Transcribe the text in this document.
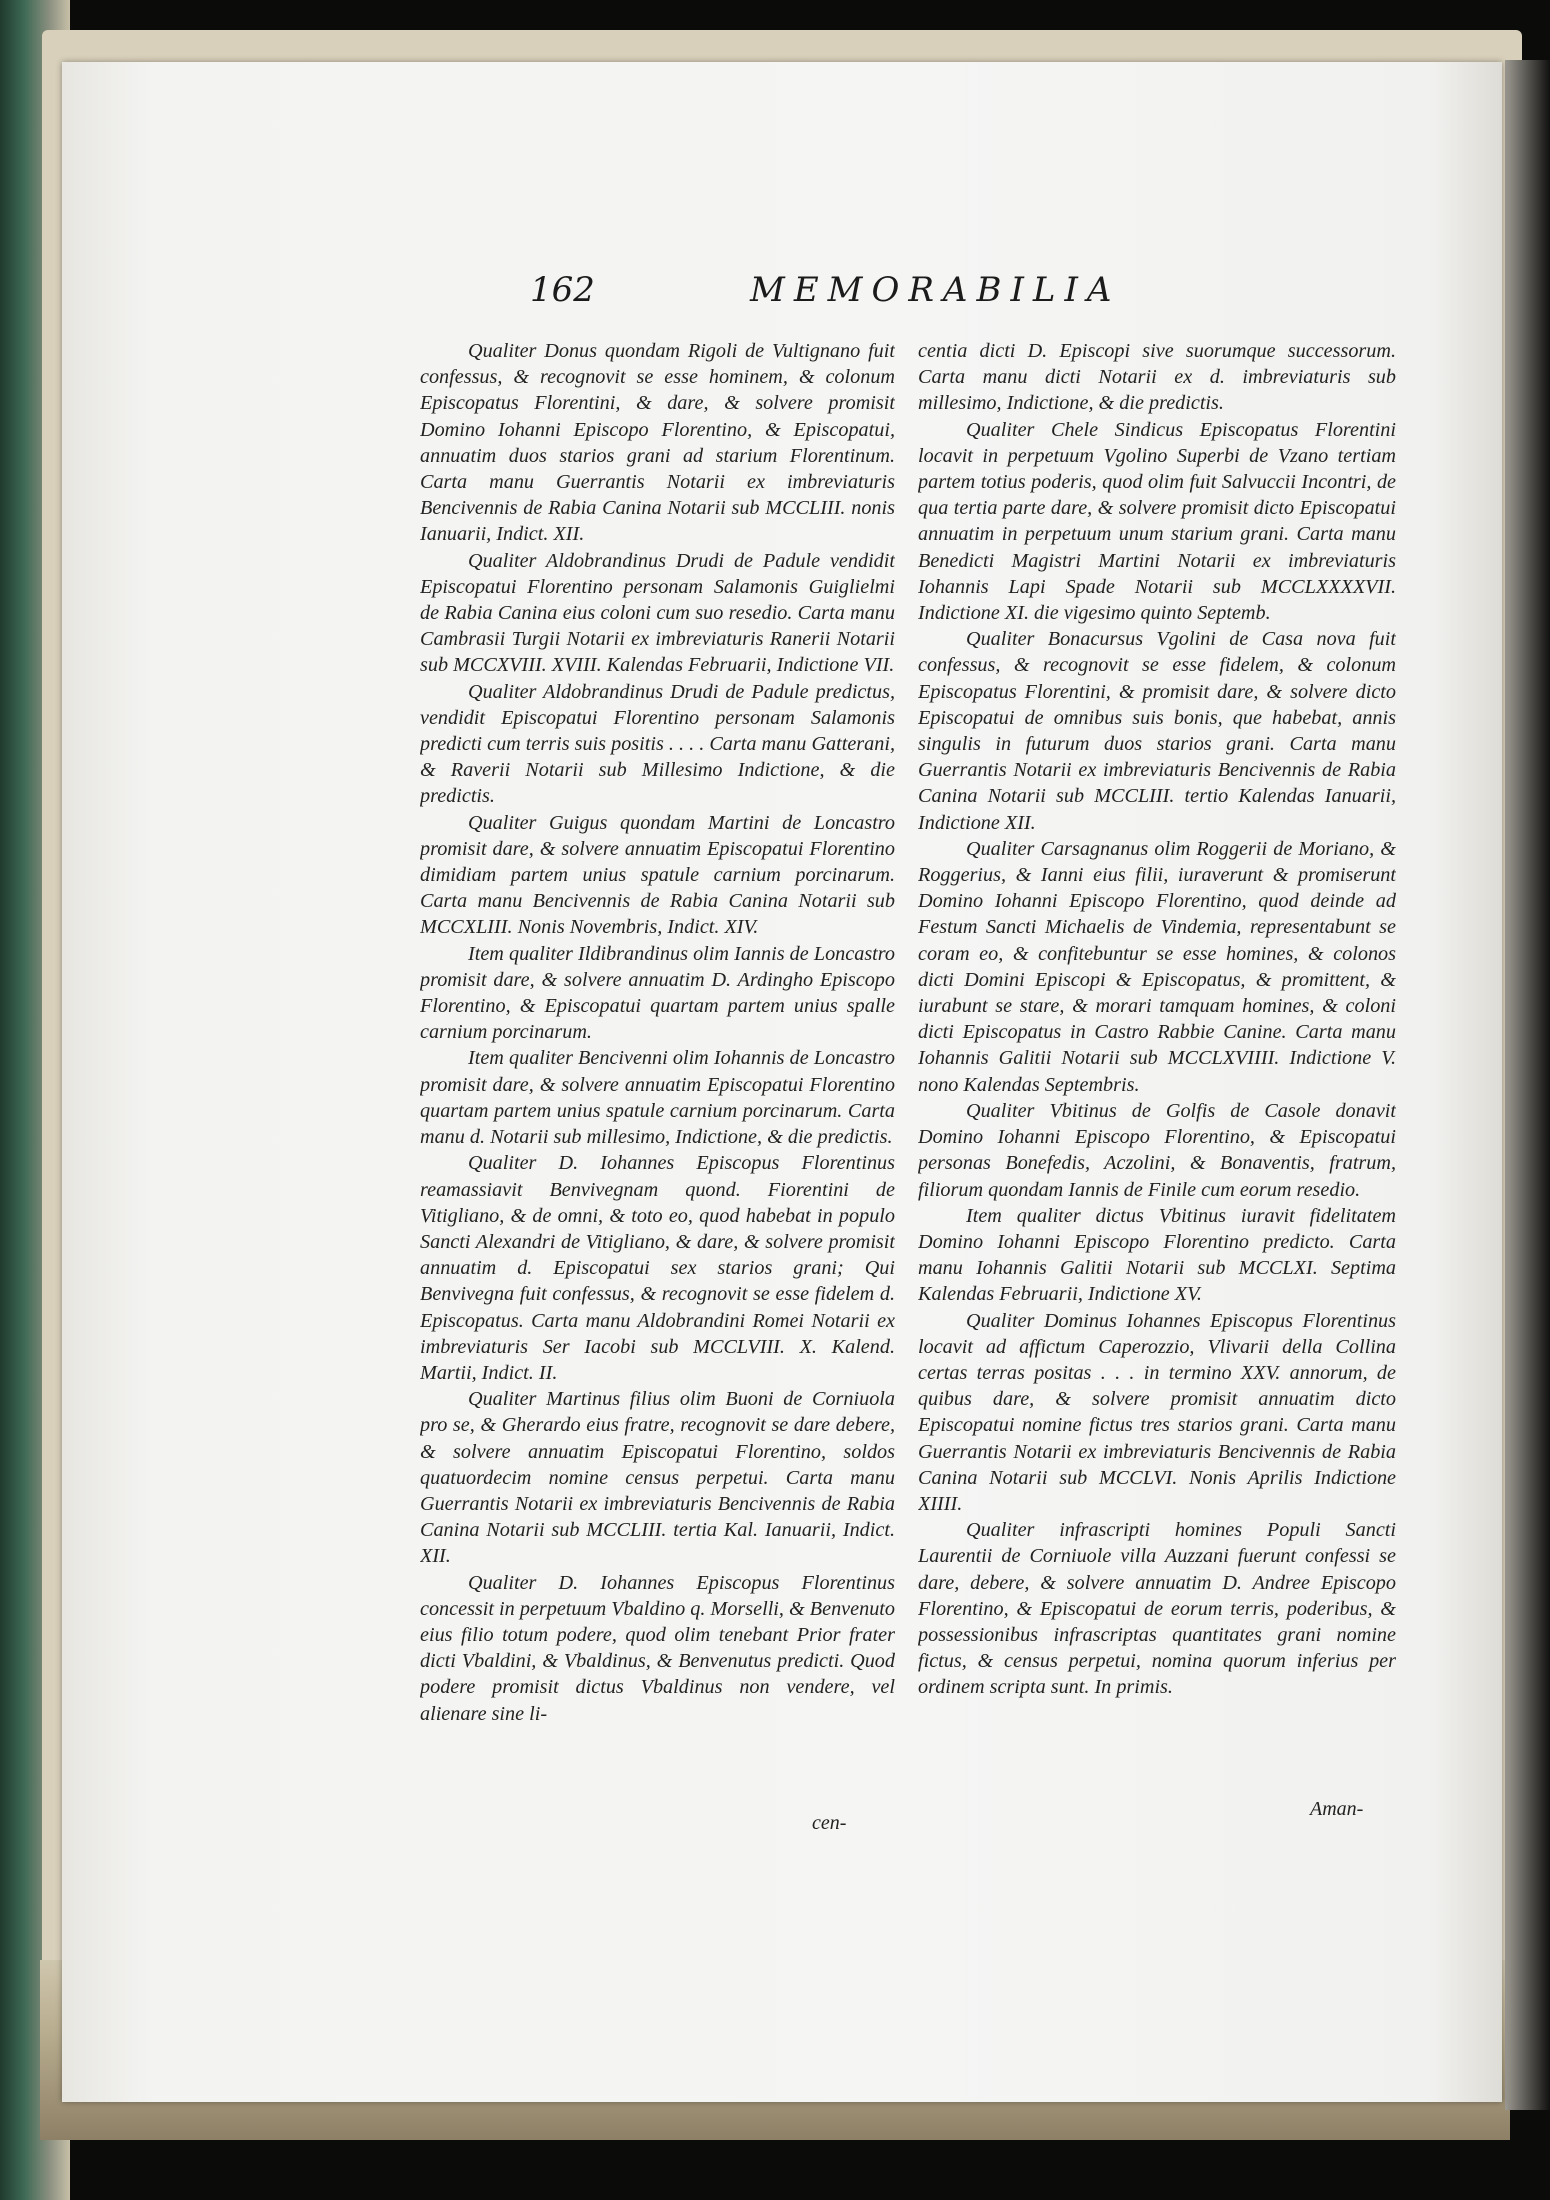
162	MEMORABILIA

Qualiter Donus quondam Rigoli de Vultignano fuit confessus, & recognovit se esse hominem, & colonum Episcopatus Florentini, & dare, & solvere promisit Domino Iohanni Episcopo Florentino, & Episcopatui, annuatim duos starios grani ad starium Florentinum. Carta manu Guerrantis Notarii ex imbreviaturis Bencivennis de Rabia Canina Notarii sub MCCLIII. nonis Ianuarii, Indict. XII.

Qualiter Aldobrandinus Drudi de Padule vendidit Episcopatui Florentino personam Salamonis Guiglielmi de Rabia Canina eius coloni cum suo resedio. Carta manu Cambrasii Turgii Notarii ex imbreviaturis Ranerii Notarii sub MCCXVIII. XVIII. Kalendas Februarii, Indictione VII.

Qualiter Aldobrandinus Drudi de Padule predictus, vendidit Episcopatui Florentino personam Salamonis predicti cum terris suis positis . . . . Carta manu Gatterani, & Raverii Notarii sub Millesimo Indictione, & die predictis.

Qualiter Guigus quondam Martini de Loncastro promisit dare, & solvere annuatim Episcopatui Florentino dimidiam partem unius spatule carnium porcinarum. Carta manu Bencivennis de Rabia Canina Notarii sub MCCXLIII. Nonis Novembris, Indict. XIV.

Item qualiter Ildibrandinus olim Iannis de Loncastro promisit dare, & solvere annuatim D. Ardingho Episcopo Florentino, & Episcopatui quartam partem unius spalle carnium porcinarum.

Item qualiter Bencivenni olim Iohannis de Loncastro promisit dare, & solvere annuatim Episcopatui Florentino quartam partem unius spatule carnium porcinarum. Carta manu d. Notarii sub millesimo, Indictione, & die predictis.

Qualiter D. Iohannes Episcopus Florentinus reamassiavit Benvivegnam quond. Fiorentini de Vitigliano, & de omni, & toto eo, quod habebat in populo Sancti Alexandri de Vitigliano, & dare, & solvere promisit annuatim d. Episcopatui sex starios grani; Qui Benvivegna fuit confessus, & recognovit se esse fidelem d. Episcopatus. Carta manu Aldobrandini Romei Notarii ex imbreviaturis Ser Iacobi sub MCCLVIII. X. Kalend. Martii, Indict. II.

Qualiter Martinus filius olim Buoni de Corniuola pro se, & Gherardo eius fratre, recognovit se dare debere, & solvere annuatim Episcopatui Florentino, soldos quatuordecim nomine census perpetui. Carta manu Guerrantis Notarii ex imbreviaturis Bencivennis de Rabia Canina Notarii sub MCCLIII. tertia Kal. Ianuarii, Indict. XII.

Qualiter D. Iohannes Episcopus Florentinus concessit in perpetuum Vbaldino q. Morselli, & Benvenuto eius filio totum podere, quod olim tenebant Prior frater dicti Vbaldini, & Vbaldinus, & Benvenutus predicti. Quod podere promisit dictus Vbaldinus non vendere, vel alienare sine li-

centia dicti D. Episcopi sive suorumque successorum. Carta manu dicti Notarii ex d. imbreviaturis sub millesimo, Indictione, & die predictis.

Qualiter Chele Sindicus Episcopatus Florentini locavit in perpetuum Vgolino Superbi de Vzano tertiam partem totius poderis, quod olim fuit Salvuccii Incontri, de qua tertia parte dare, & solvere promisit dicto Episcopatui annuatim in perpetuum unum starium grani. Carta manu Benedicti Magistri Martini Notarii ex imbreviaturis Iohannis Lapi Spade Notarii sub MCCLXXXXVII. Indictione XI. die vigesimo quinto Septemb.

Qualiter Bonacursus Vgolini de Casa nova fuit confessus, & recognovit se esse fidelem, & colonum Episcopatus Florentini, & promisit dare, & solvere dicto Episcopatui de omnibus suis bonis, que habebat, annis singulis in futurum duos starios grani. Carta manu Guerrantis Notarii ex imbreviaturis Bencivennis de Rabia Canina Notarii sub MCCLIII. tertio Kalendas Ianuarii, Indictione XII.

Qualiter Carsagnanus olim Roggerii de Moriano, & Roggerius, & Ianni eius filii, iuraverunt & promiserunt Domino Iohanni Episcopo Florentino, quod deinde ad Festum Sancti Michaelis de Vindemia, representabunt se coram eo, & confitebuntur se esse homines, & colonos dicti Domini Episcopi & Episcopatus, & promittent, & iurabunt se stare, & morari tamquam homines, & coloni dicti Episcopatus in Castro Rabbie Canine. Carta manu Iohannis Galitii Notarii sub MCCLXVIIII. Indictione V. nono Kalendas Septembris.

Qualiter Vbitinus de Golfis de Casole donavit Domino Iohanni Episcopo Florentino, & Episcopatui personas Bonefedis, Aczolini, & Bonaventis, fratrum, filiorum quondam Iannis de Finile cum eorum resedio.

Item qualiter dictus Vbitinus iuravit fidelitatem Domino Iohanni Episcopo Florentino predicto. Carta manu Iohannis Galitii Notarii sub MCCLXI. Septima Kalendas Februarii, Indictione XV.

Qualiter Dominus Iohannes Episcopus Florentinus locavit ad affictum Caperozzio, Vlivarii della Collina certas terras positas . . . in termino XXV. annorum, de quibus dare, & solvere promisit annuatim dicto Episcopatui nomine fictus tres starios grani. Carta manu Guerrantis Notarii ex imbreviaturis Bencivennis de Rabia Canina Notarii sub MCCLVI. Nonis Aprilis Indictione XIIII.

Qualiter infrascripti homines Populi Sancti Laurentii de Corniuole villa Auzzani fuerunt confessi se dare, debere, & solvere annuatim D. Andree Episcopo Florentino, & Episcopatui de eorum terris, poderibus, & possessionibus infrascriptas quantitates grani nomine fictus, & census perpetui, nomina quorum inferius per ordinem scripta sunt. In primis.

cen-
Aman-
